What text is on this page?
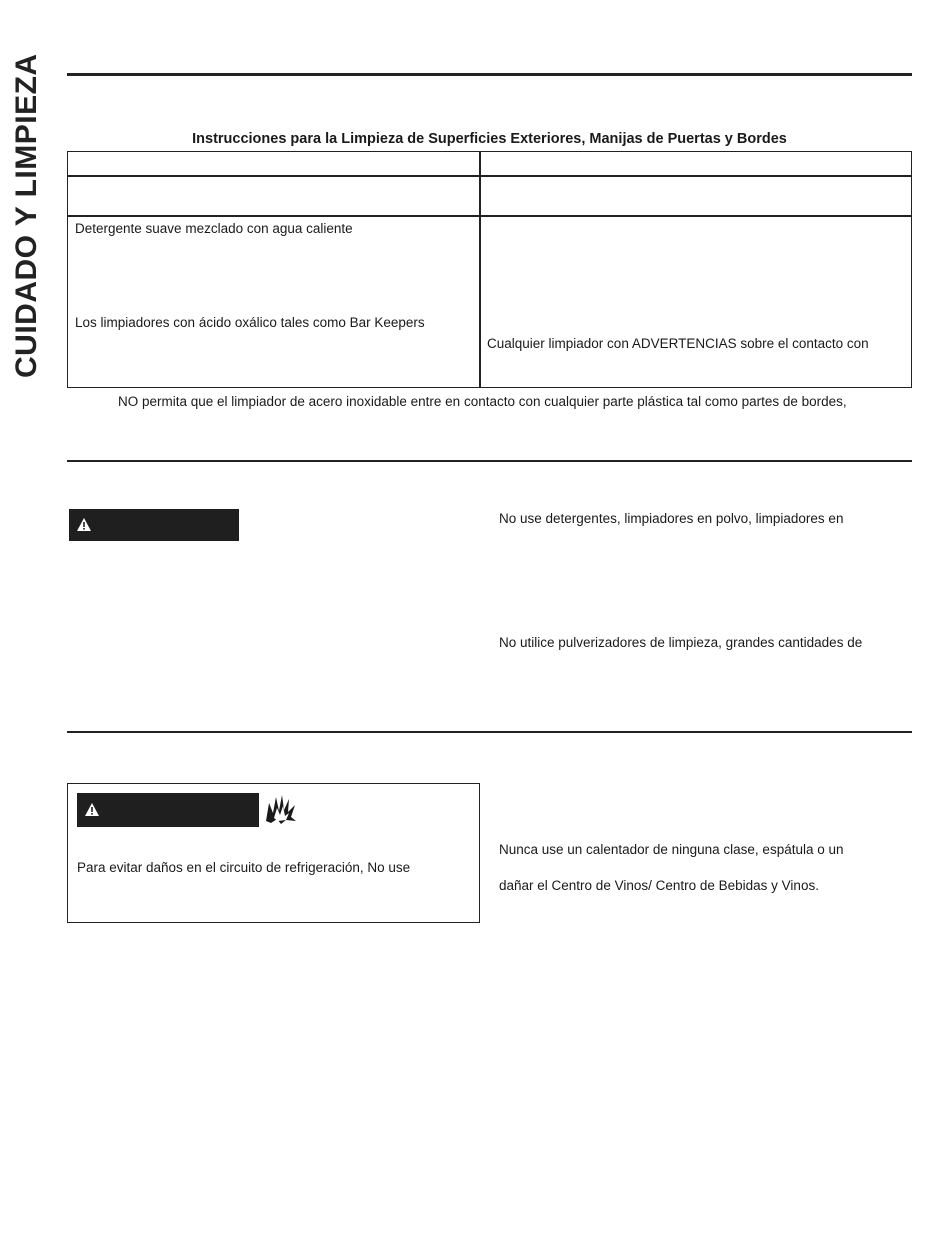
CUIDADO Y LIMPIEZA	Instrucciones para la Limpieza de Superficies Exteriores, Manijas de Puertas y Bordes
Detergente suave mezclado con agua caliente
Los limpiadores con ácido oxálico tales como Bar Keepers
Cualquier limpiador con ADVERTENCIAS sobre el contacto con
NO permita que el limpiador de acero inoxidable entre en contacto con cualquier parte plástica tal como partes de bordes,
No use detergentes, limpiadores en polvo, limpiadores en
No utilice pulverizadores de limpieza, grandes cantidades de
Para evitar daños en el circuito de refrigeración, No use
Nunca use un calentador de ninguna clase, espátula o un
dañar el Centro de Vinos/ Centro de Bebidas y Vinos.
